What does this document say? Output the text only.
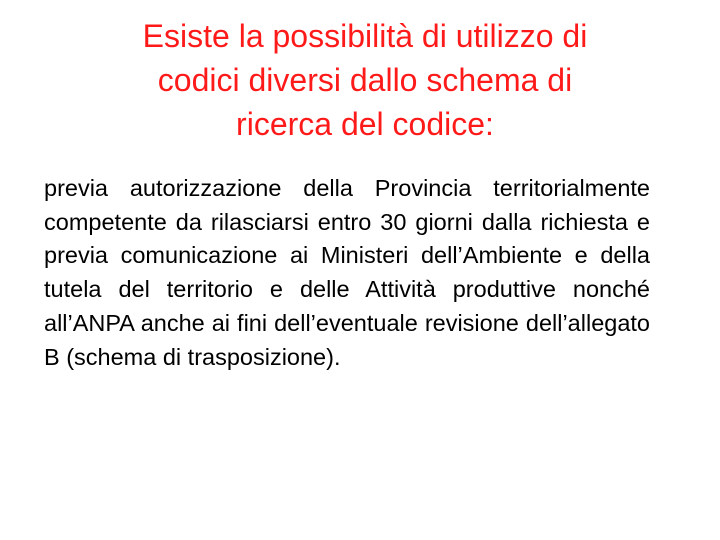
Esiste la possibilità di utilizzo di
codici diversi dallo schema di
ricerca del codice:

previa autorizzazione della Provincia territorialmente competente da rilasciarsi entro 30 giorni dalla richiesta e previa comunicazione ai Ministeri dell’Ambiente e della tutela del territorio e delle Attività produttive nonché all’ANPA anche ai fini dell’eventuale revisione dell’allegato B (schema di trasposizione).
